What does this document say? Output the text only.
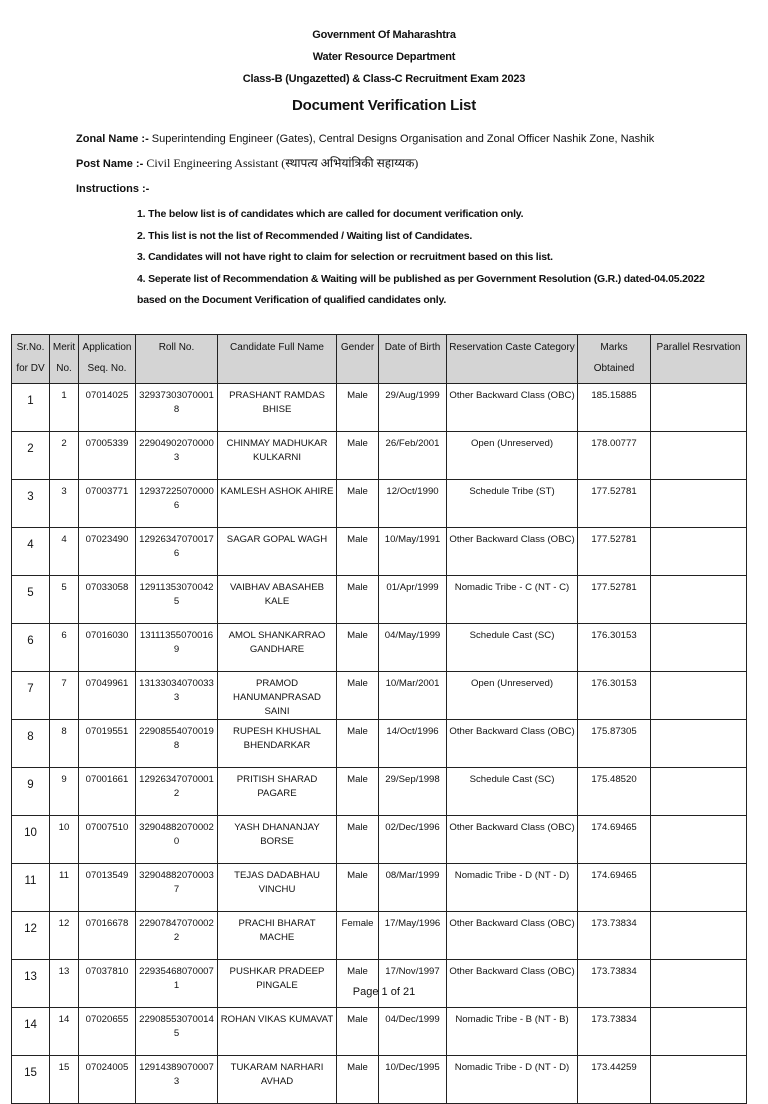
Government Of Maharashtra
Water Resource Department
Class-B (Ungazetted) & Class-C Recruitment Exam 2023
Document Verification List
Zonal Name :- Superintending Engineer (Gates), Central Designs Organisation and Zonal Officer Nashik Zone, Nashik
Post Name :- Civil Engineering Assistant (स्थापत्य अभियांत्रिकी सहाय्यक)
Instructions :-
1. The below list is of candidates which are called for document verification only.
2. This list is not the list of Recommended / Waiting list of Candidates.
3. Candidates will not have right to claim for selection or recruitment based on this list.
4. Seperate list of Recommendation & Waiting will be published as per Government Resolution (G.R.) dated-04.05.2022 based on the Document Verification of qualified candidates only.
Sr.No. for DV	Merit No.	Application Seq. No.	Roll No.	Candidate Full Name	Gender	Date of Birth	Reservation Caste Category	Marks Obtained	Parallel Resrvation
1	1	07014025	329373030700018	PRASHANT RAMDAS BHISE	Male	29/Aug/1999	Other Backward Class (OBC)	185.15885	
2	2	07005339	229049020700003	CHINMAY MADHUKAR KULKARNI	Male	26/Feb/2001	Open (Unreserved)	178.00777	
3	3	07003771	129372250700006	KAMLESH ASHOK AHIRE	Male	12/Oct/1990	Schedule Tribe (ST)	177.52781	
4	4	07023490	129263470700176	SAGAR GOPAL WAGH	Male	10/May/1991	Other Backward Class (OBC)	177.52781	
5	5	07033058	129113530700425	VAIBHAV ABASAHEB KALE	Male	01/Apr/1999	Nomadic Tribe - C (NT - C)	177.52781	
6	6	07016030	131113550700169	AMOL SHANKARRAO GANDHARE	Male	04/May/1999	Schedule Cast (SC)	176.30153	
7	7	07049961	131330340700333	PRAMOD HANUMANPRASAD SAINI	Male	10/Mar/2001	Open (Unreserved)	176.30153	
8	8	07019551	229085540700198	RUPESH KHUSHAL BHENDARKAR	Male	14/Oct/1996	Other Backward Class (OBC)	175.87305	
9	9	07001661	129263470700012	PRITISH SHARAD PAGARE	Male	29/Sep/1998	Schedule Cast (SC)	175.48520	
10	10	07007510	329048820700020	YASH DHANANJAY BORSE	Male	02/Dec/1996	Other Backward Class (OBC)	174.69465	
11	11	07013549	329048820700037	TEJAS DADABHAU VINCHU	Male	08/Mar/1999	Nomadic Tribe - D (NT - D)	174.69465	
12	12	07016678	229078470700022	PRACHI BHARAT MACHE	Female	17/May/1996	Other Backward Class (OBC)	173.73834	
13	13	07037810	229354680700071	PUSHKAR PRADEEP PINGALE	Male	17/Nov/1997	Other Backward Class (OBC)	173.73834	
14	14	07020655	229085530700145	ROHAN VIKAS KUMAVAT	Male	04/Dec/1999	Nomadic Tribe - B (NT - B)	173.73834	
15	15	07024005	129143890700073	TUKARAM NARHARI AVHAD	Male	10/Dec/1995	Nomadic Tribe - D (NT - D)	173.44259	
Page 1 of 21
